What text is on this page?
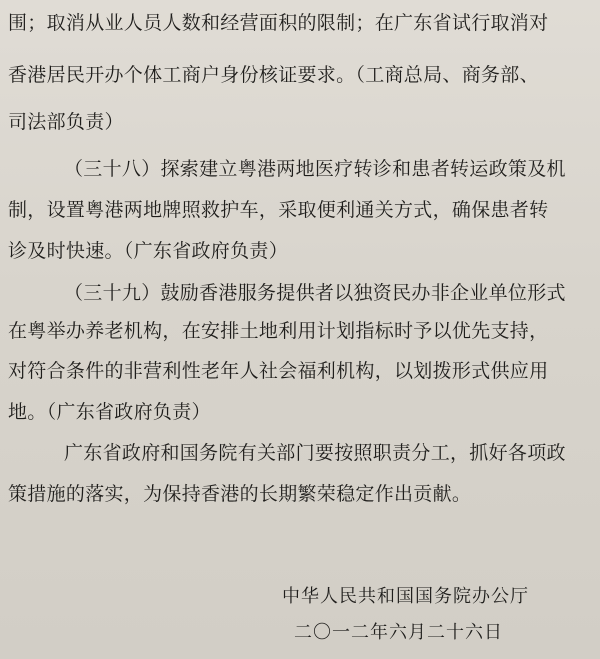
围；取消从业人员人数和经营面积的限制；在广东省试行取消对
香港居民开办个体工商户身份核证要求。（工商总局、商务部、
司法部负责）
（三十八）探索建立粤港两地医疗转诊和患者转运政策及机
制，设置粤港两地牌照救护车，采取便利通关方式，确保患者转
诊及时快速。（广东省政府负责）
（三十九）鼓励香港服务提供者以独资民办非企业单位形式
在粤举办养老机构，在安排土地利用计划指标时予以优先支持，
对符合条件的非营利性老年人社会福利机构，以划拨形式供应用
地。（广东省政府负责）
广东省政府和国务院有关部门要按照职责分工，抓好各项政
策措施的落实，为保持香港的长期繁荣稳定作出贡献。
中华人民共和国国务院办公厅
二〇一二年六月二十六日
